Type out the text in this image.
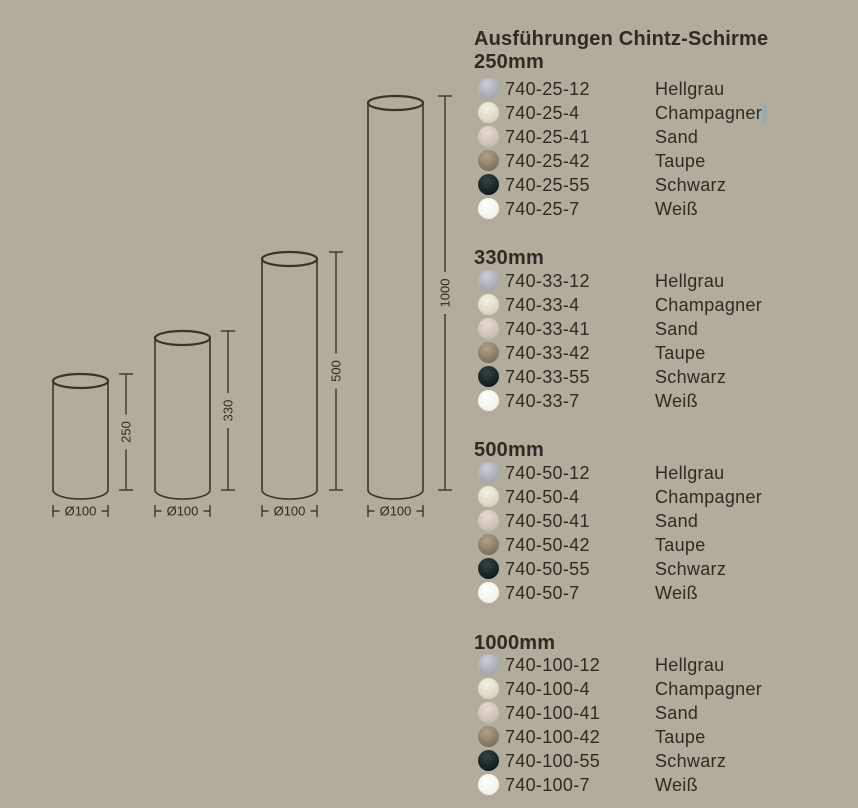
250
Ø100
330
Ø100
500
Ø100
1000
Ø100
Ausführungen Chintz-Schirme
250mm
740-25-12	Hellgrau
740-25-4	Champagner
740-25-41	Sand
740-25-42	Taupe
740-25-55	Schwarz
740-25-7	Weiß
330mm
740-33-12	Hellgrau
740-33-4	Champagner
740-33-41	Sand
740-33-42	Taupe
740-33-55	Schwarz
740-33-7	Weiß
500mm
740-50-12	Hellgrau
740-50-4	Champagner
740-50-41	Sand
740-50-42	Taupe
740-50-55	Schwarz
740-50-7	Weiß
1000mm
740-100-12	Hellgrau
740-100-4	Champagner
740-100-41	Sand
740-100-42	Taupe
740-100-55	Schwarz
740-100-7	Weiß
